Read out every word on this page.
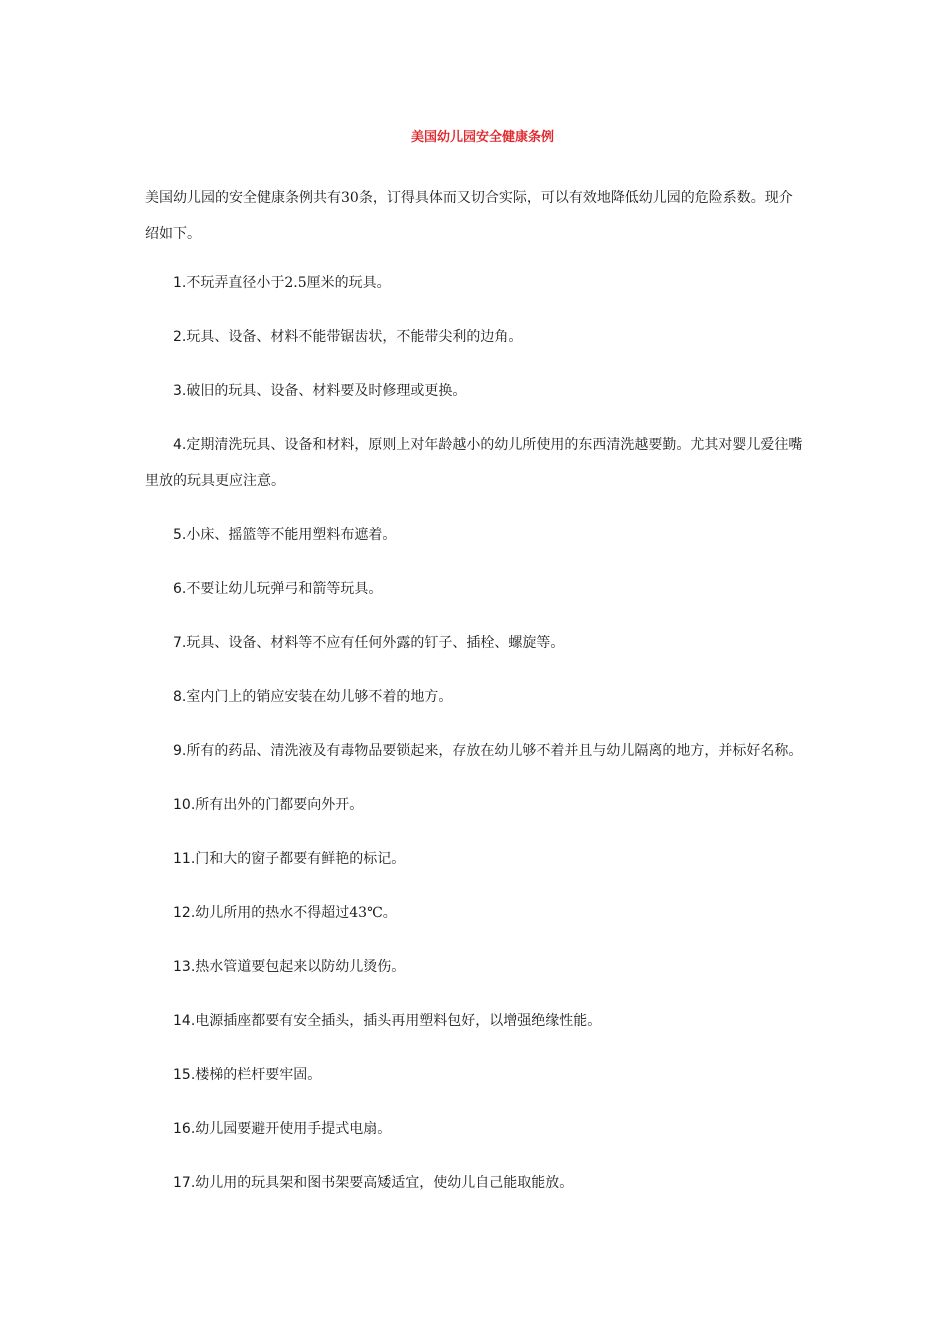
美国幼儿园安全健康条例

美国幼儿园的安全健康条例共有30条，订得具体而又切合实际，可以有效地降低幼儿园的危险系数。现介绍如下。

1.不玩弄直径小于2.5厘米的玩具。
2.玩具、设备、材料不能带锯齿状，不能带尖利的边角。
3.破旧的玩具、设备、材料要及时修理或更换。
4.定期清洗玩具、设备和材料，原则上对年龄越小的幼儿所使用的东西清洗越要勤。尤其对婴儿爱往嘴里放的玩具更应注意。
5.小床、摇篮等不能用塑料布遮着。
6.不要让幼儿玩弹弓和箭等玩具。
7.玩具、设备、材料等不应有任何外露的钉子、插栓、螺旋等。
8.室内门上的销应安装在幼儿够不着的地方。
9.所有的药品、清洗液及有毒物品要锁起来，存放在幼儿够不着并且与幼儿隔离的地方，并标好名称。
10.所有出外的门都要向外开。
11.门和大的窗子都要有鲜艳的标记。
12.幼儿所用的热水不得超过43℃。
13.热水管道要包起来以防幼儿烫伤。
14.电源插座都要有安全插头，插头再用塑料包好，以增强绝缘性能。
15.楼梯的栏杆要牢固。
16.幼儿园要避开使用手提式电扇。
17.幼儿用的玩具架和图书架要高矮适宜，使幼儿自己能取能放。
